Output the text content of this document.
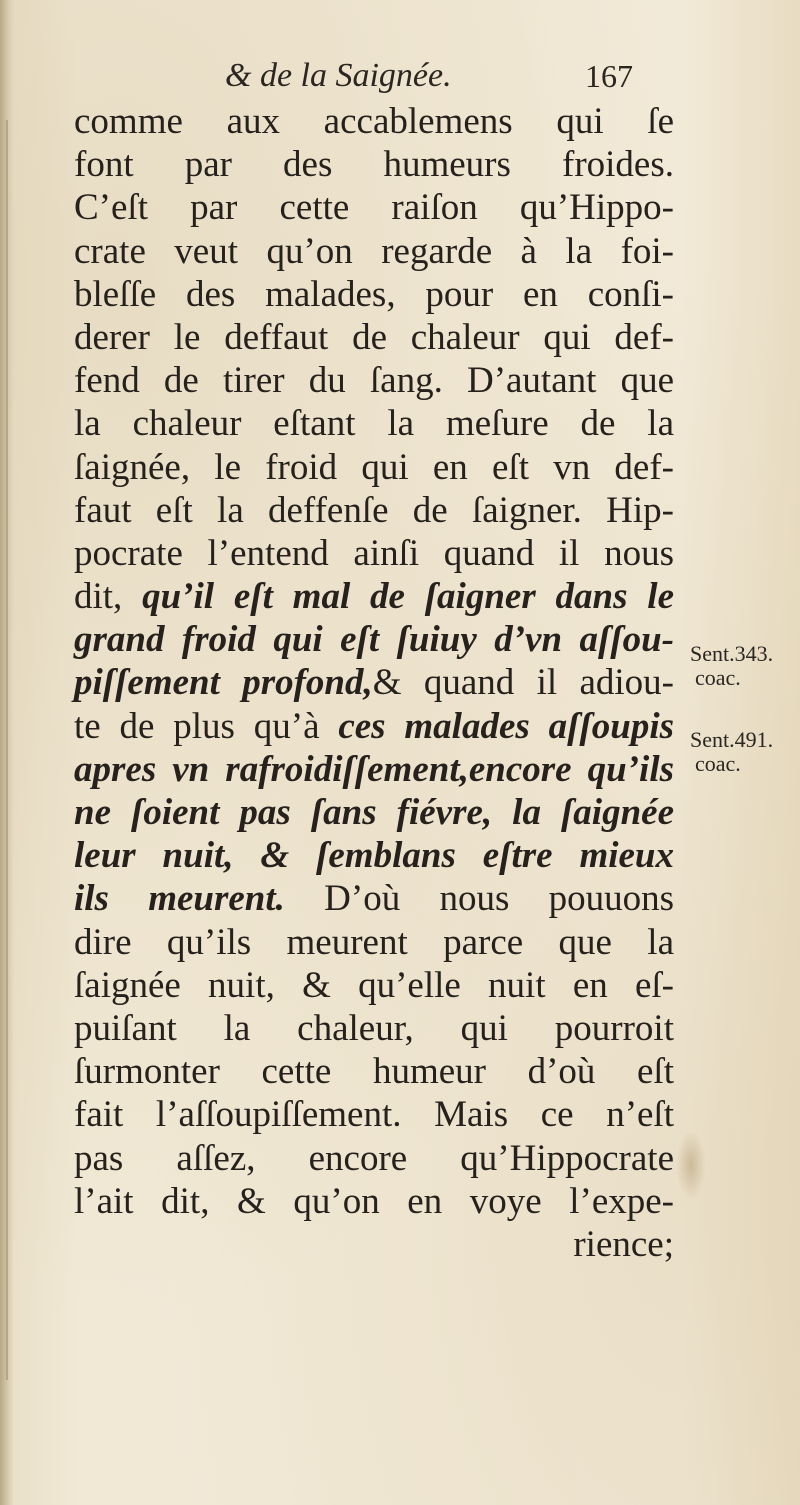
& de la Saignée.	167
comme aux accablemens qui ſe
font par des humeurs froides.
C’eſt par cette raiſon qu’Hippo-
crate veut qu’on regarde à la foi-
bleſſe des malades, pour en conſi-
derer le deffaut de chaleur qui def-
fend de tirer du ſang. D’autant que
la chaleur eſtant la meſure de la
ſaignée, le froid qui en eſt vn def-
faut eſt la deffenſe de ſaigner. Hip-
pocrate l’entend ainſi quand il nous
dit, qu’il eſt mal de ſaigner dans le
grand froid qui eſt ſuiuy d’vn aſſou-
piſſement profond,& quand il adiou-
te de plus qu’à ces malades aſſoupis
apres vn rafroidiſſement,encore qu’ils
ne ſoient pas ſans fiévre, la ſaignée
leur nuit, & ſemblans eſtre mieux
ils meurent. D’où nous pouuons
dire qu’ils meurent parce que la
ſaignée nuit, & qu’elle nuit en eſ-
puiſant la chaleur, qui pourroit
ſurmonter cette humeur d’où eſt
fait l’aſſoupiſſement. Mais ce n’eſt
pas aſſez, encore qu’Hippocrate
l’ait dit, & qu’on en voye l’expe-
rience;
Sent.343.
coac.
Sent.491.
coac.
